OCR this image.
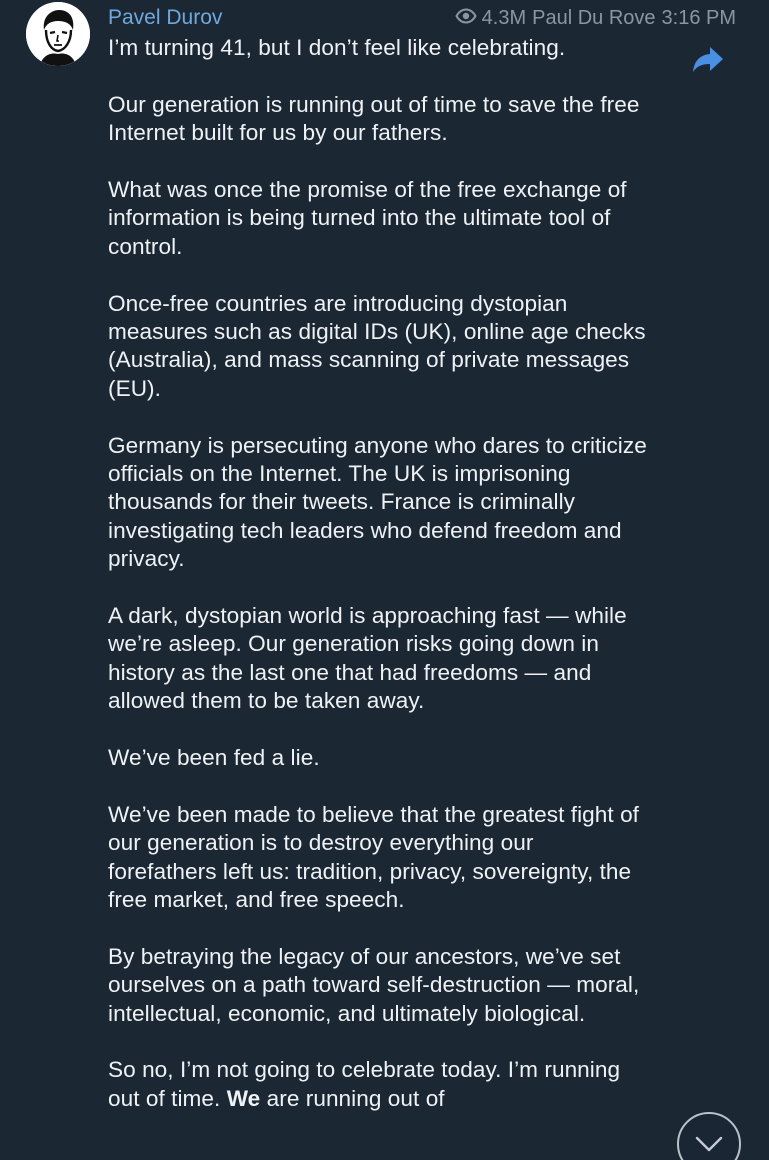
Pavel Durov	4.3M Paul Du Rove 3:16 PM

I’m turning 41, but I don’t feel like celebrating.

Our generation is running out of time to save the free Internet built for us by our fathers.

What was once the promise of the free exchange of information is being turned into the ultimate tool of control.

Once-free countries are introducing dystopian measures such as digital IDs (UK), online age checks (Australia), and mass scanning of private messages (EU).

Germany is persecuting anyone who dares to criticize officials on the Internet. The UK is imprisoning thousands for their tweets. France is criminally investigating tech leaders who defend freedom and privacy.

A dark, dystopian world is approaching fast — while we’re asleep. Our generation risks going down in history as the last one that had freedoms — and allowed them to be taken away.

We’ve been fed a lie.

We’ve been made to believe that the greatest fight of our generation is to destroy everything our forefathers left us: tradition, privacy, sovereignty, the free market, and free speech.

By betraying the legacy of our ancestors, we’ve set ourselves on a path toward self-destruction — moral, intellectual, economic, and ultimately biological.

So no, I’m not going to celebrate today. I’m running out of time. We are running out of
